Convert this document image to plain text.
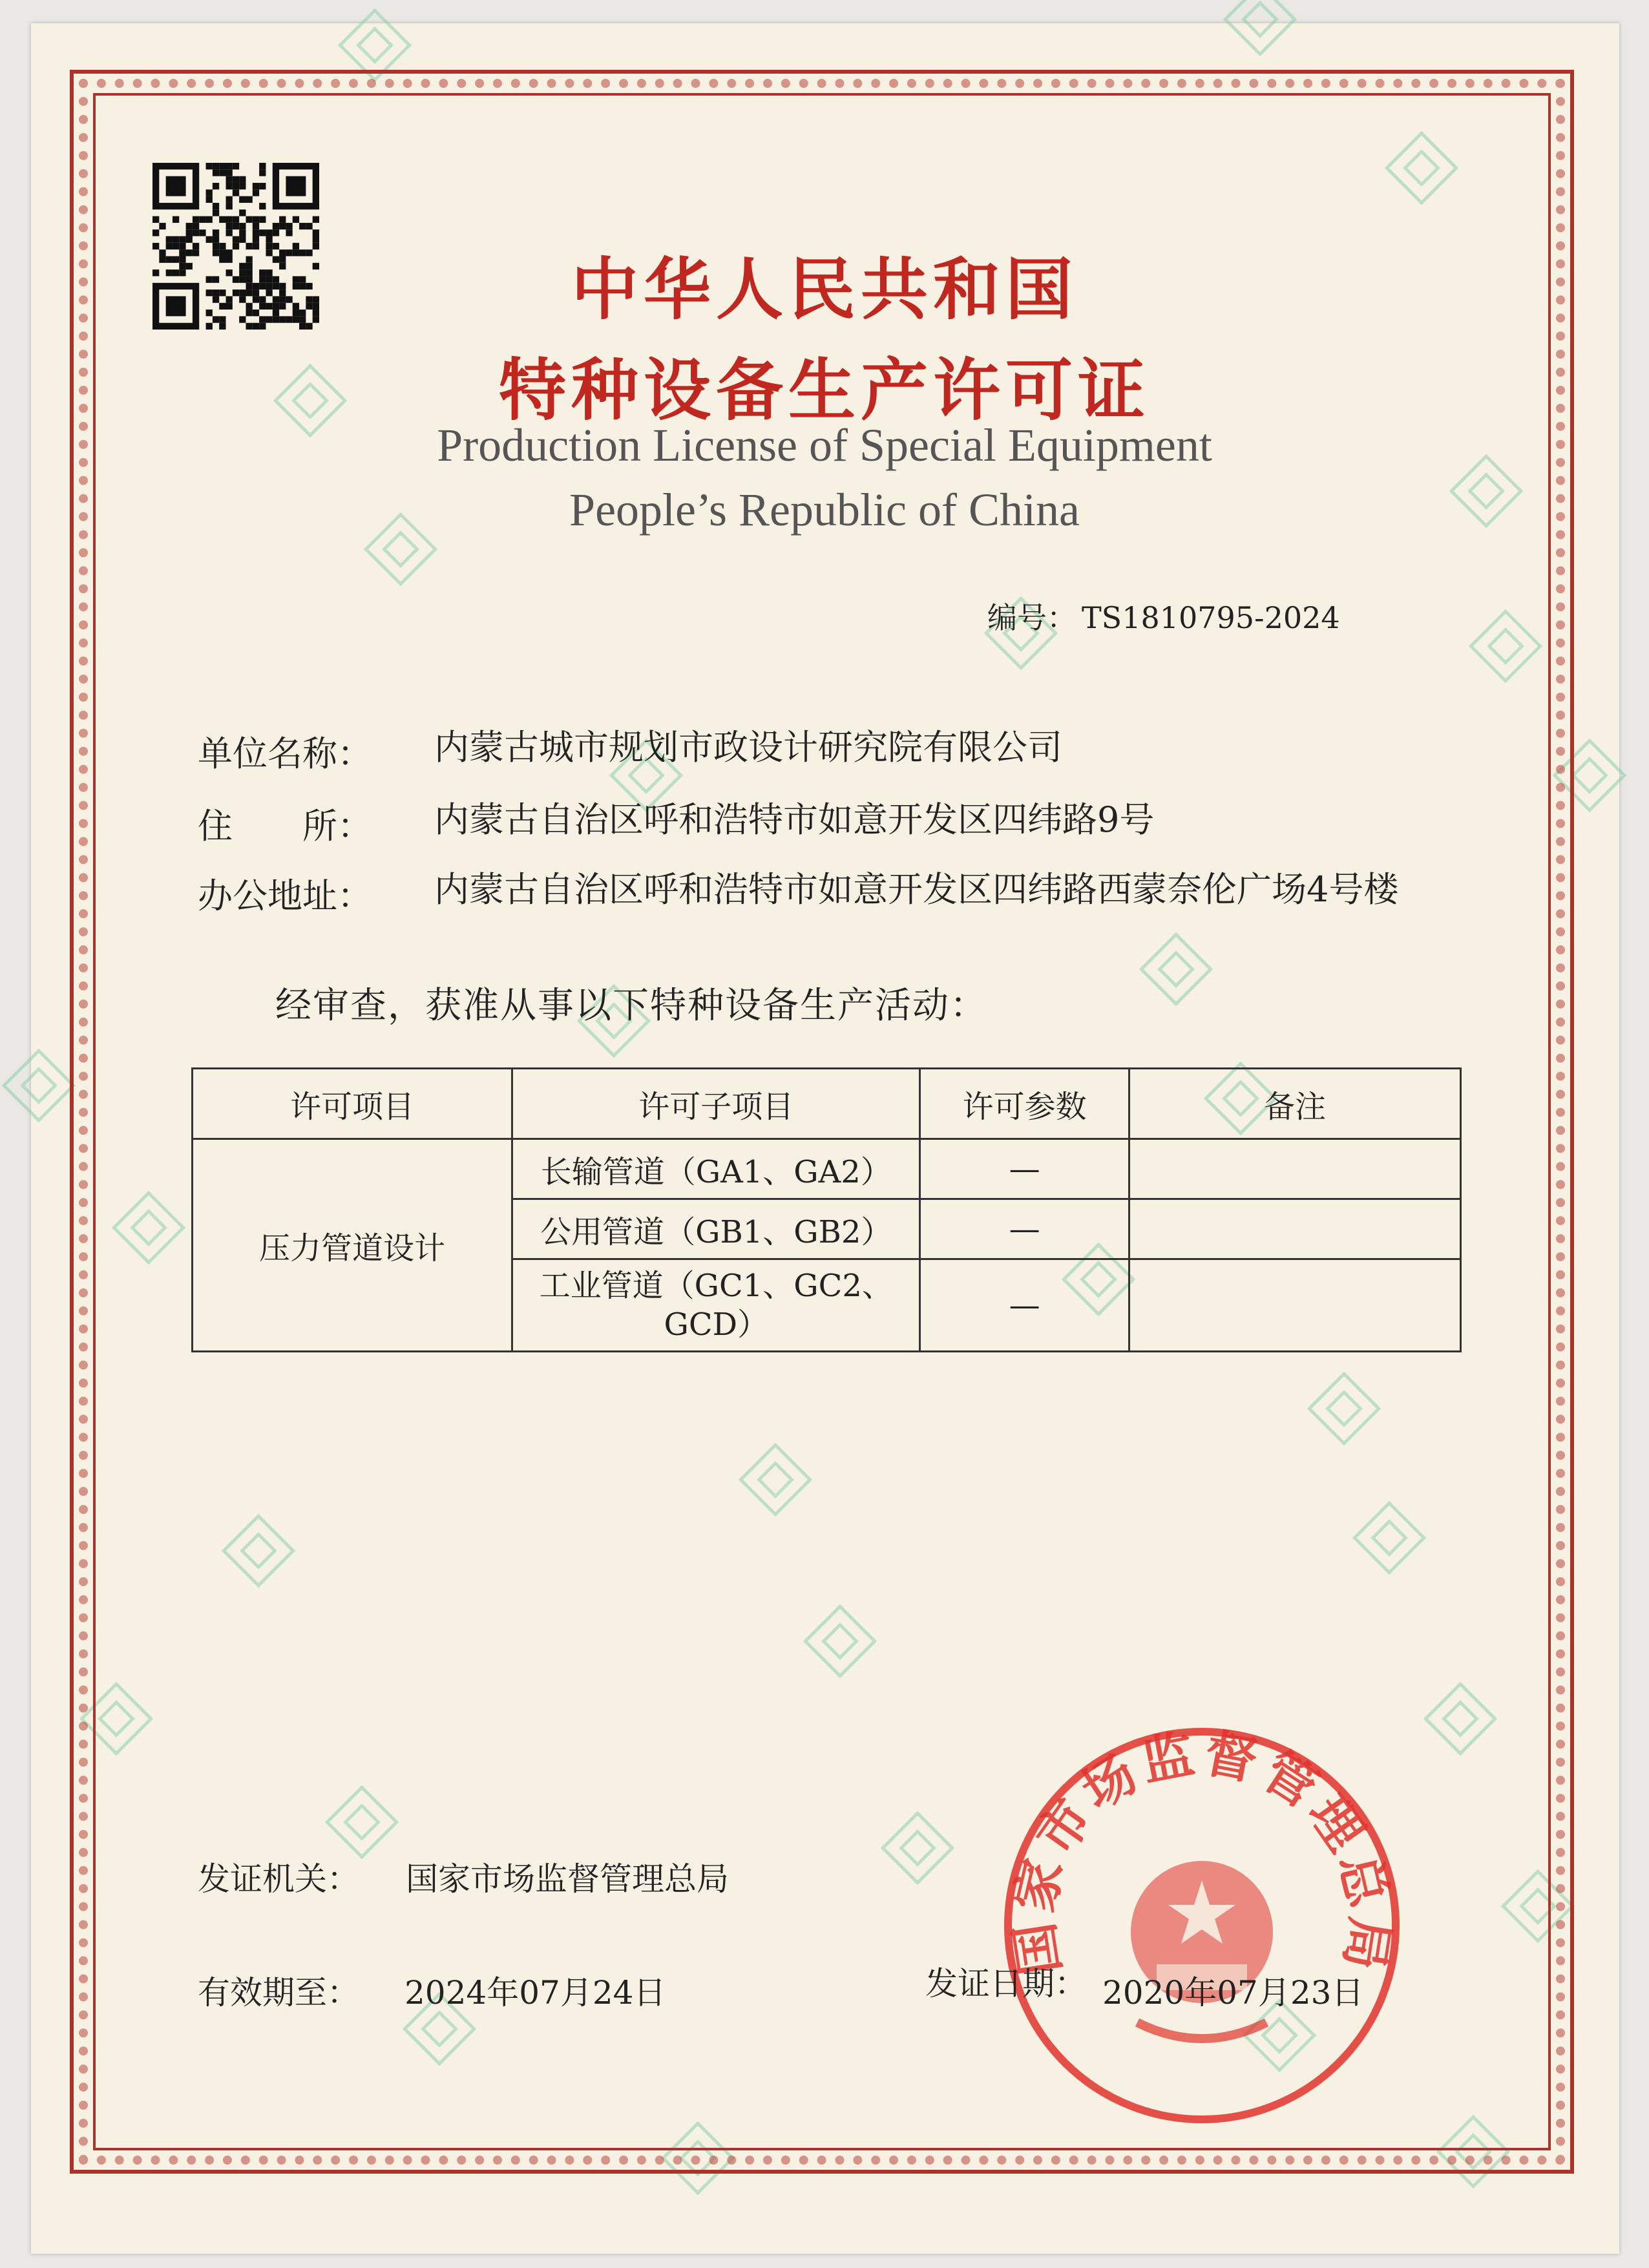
中华人民共和国
特种设备生产许可证
Production License of Special Equipment
People’s Republic of China
编号： TS1810795-2024
单位名称： 内蒙古城市规划市政设计研究院有限公司
住　　所： 内蒙古自治区呼和浩特市如意开发区四纬路9号
办公地址： 内蒙古自治区呼和浩特市如意开发区四纬路西蒙奈伦广场4号楼
经审查，获准从事以下特种设备生产活动：
许可项目	许可子项目	许可参数	备注
压力管道设计	长输管道（GA1、GA2）	—	
	公用管道（GB1、GB2）	—	
	工业管道（GC1、GC2、GCD）	—	
国家市场监督管理总局
发证机关： 国家市场监督管理总局
有效期至： 2024年07月24日	发证日期： 2020年07月23日
